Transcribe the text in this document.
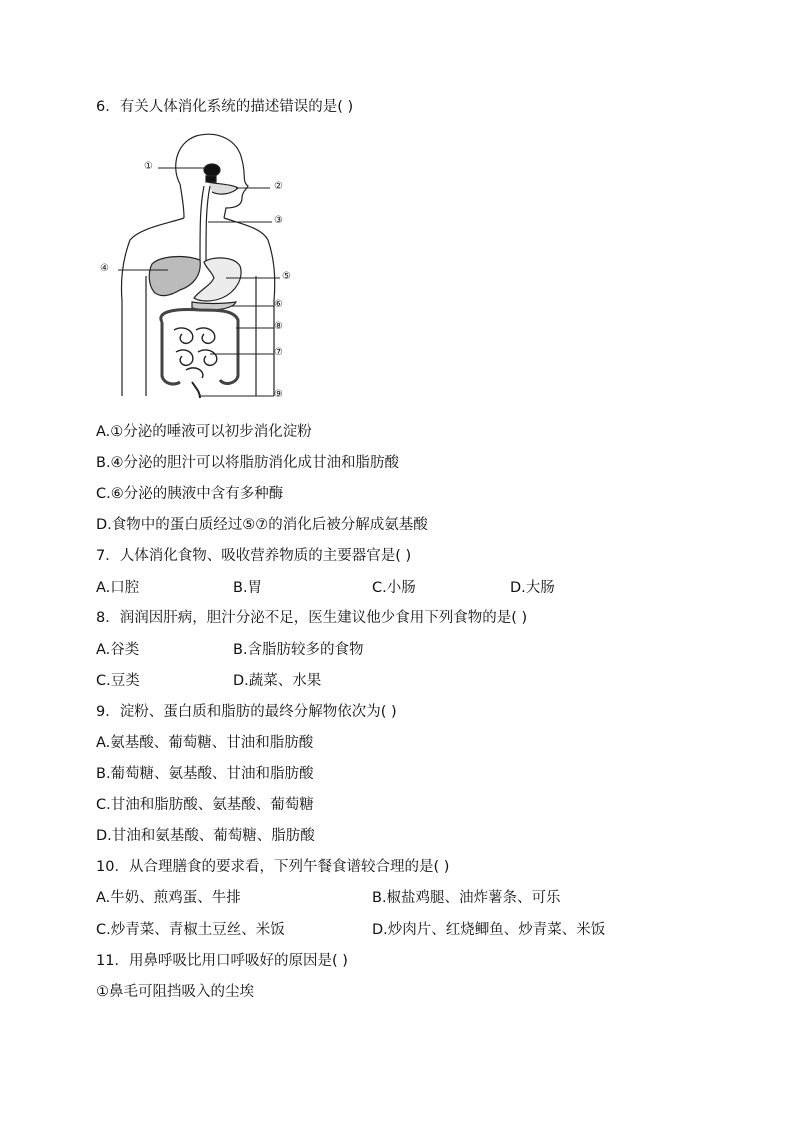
6．有关人体消化系统的描述错误的是( )
①
②
③
④
⑤
⑥
⑧
⑦
⑨
A.①分泌的唾液可以初步消化淀粉
B.④分泌的胆汁可以将脂肪消化成甘油和脂肪酸
C.⑥分泌的胰液中含有多种酶
D.食物中的蛋白质经过⑤⑦的消化后被分解成氨基酸
7．人体消化食物、吸收营养物质的主要器官是( )
A.口腔	B.胃	C.小肠	D.大肠
8．润润因肝病，胆汁分泌不足，医生建议他少食用下列食物的是( )
A.谷类	B.含脂肪较多的食物
C.豆类	D.蔬菜、水果
9．淀粉、蛋白质和脂肪的最终分解物依次为( )
A.氨基酸、葡萄糖、甘油和脂肪酸
B.葡萄糖、氨基酸、甘油和脂肪酸
C.甘油和脂肪酸、氨基酸、葡萄糖
D.甘油和氨基酸、葡萄糖、脂肪酸
10．从合理膳食的要求看，下列午餐食谱较合理的是( )
A.牛奶、煎鸡蛋、牛排	B.椒盐鸡腿、油炸薯条、可乐
C.炒青菜、青椒土豆丝、米饭	D.炒肉片、红烧鲫鱼、炒青菜、米饭
11．用鼻呼吸比用口呼吸好的原因是( )
①鼻毛可阻挡吸入的尘埃
